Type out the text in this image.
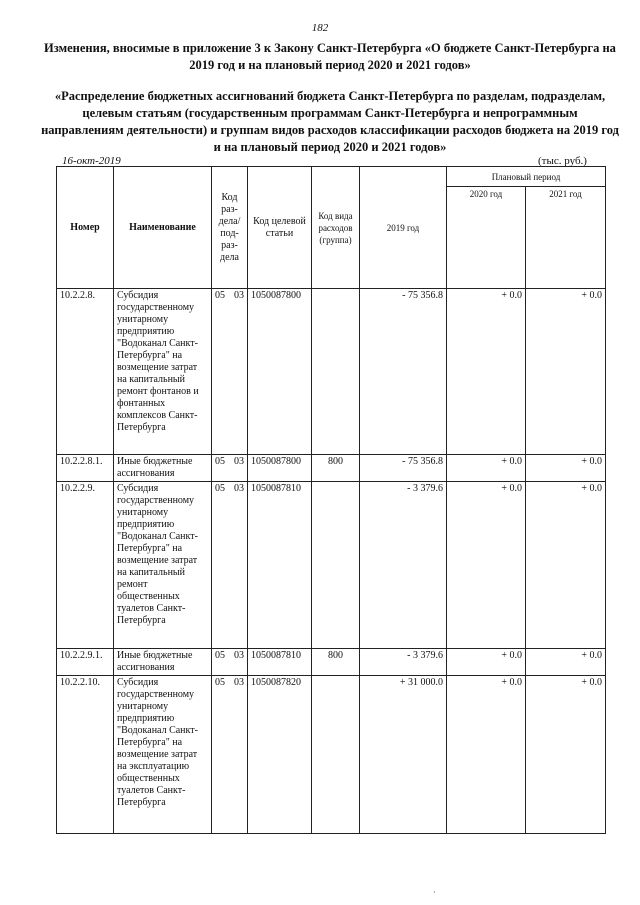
182
Изменения, вносимые в приложение 3 к Закону Санкт-Петербурга «О бюджете Санкт-Петербурга на 2019 год и на плановый период 2020 и 2021 годов»
«Распределение бюджетных ассигнований бюджета Санкт-Петербурга по разделам, подразделам, целевым статьям (государственным программам Санкт-Петербурга и непрограммным направлениям деятельности) и группам видов расходов классификации расходов бюджета на 2019 год и на плановый период 2020 и 2021 годов»
16-окт-2019	(тыс. руб.)
Номер	Наименование	Код раз-дела/под-раз-дела	Код целевой статьи	Код вида расходов (группа)	2019 год	Плановый период	
						2020 год	2021 год
10.2.2.8.	Субсидия государственному унитарному предприятию "Водоканал Санкт-Петербурга" на возмещение затрат на капитальный ремонт фонтанов и фонтанных комплексов Санкт-Петербурга	05 03	1050087800		- 75 356.8	+ 0.0	+ 0.0
10.2.2.8.1.	Иные бюджетные ассигнования	05 03	1050087800	800	- 75 356.8	+ 0.0	+ 0.0
10.2.2.9.	Субсидия государственному унитарному предприятию "Водоканал Санкт-Петербурга" на возмещение затрат на капитальный ремонт общественных туалетов Санкт-Петербурга	05 03	1050087810		- 3 379.6	+ 0.0	+ 0.0
10.2.2.9.1.	Иные бюджетные ассигнования	05 03	1050087810	800	- 3 379.6	+ 0.0	+ 0.0
10.2.2.10.	Субсидия государственному унитарному предприятию "Водоканал Санкт-Петербурга" на возмещение затрат на эксплуатацию общественных туалетов Санкт-Петербурга	05 03	1050087820		+ 31 000.0	+ 0.0	+ 0.0
·
